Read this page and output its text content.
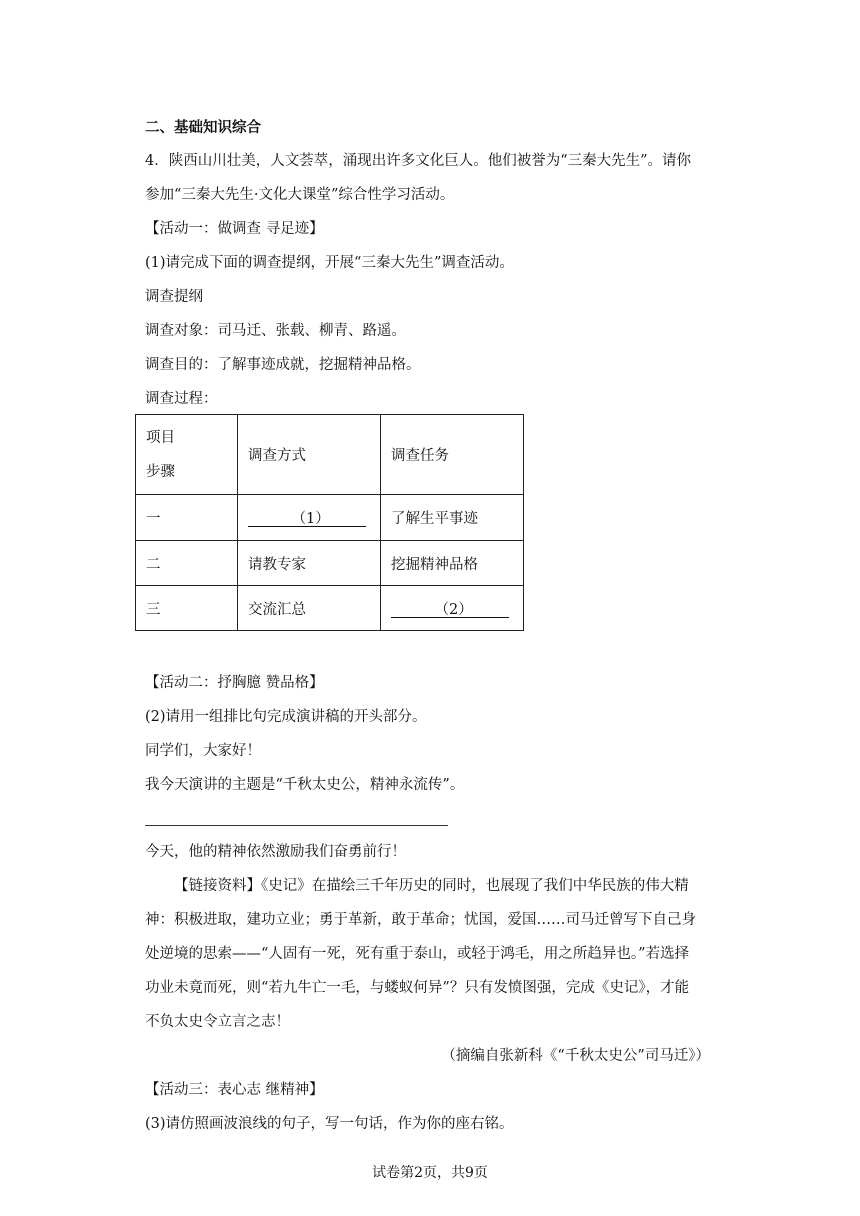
二、基础知识综合
4．陕西山川壮美，人文荟萃，涌现出许多文化巨人。他们被誉为“三秦大先生”。请你
参加“三秦大先生·文化大课堂”综合性学习活动。
【活动一：做调查 寻足迹】
(1)请完成下面的调查提纲，开展“三秦大先生”调查活动。
调查提纲
调查对象：司马迁、张载、柳青、路遥。
调查目的：了解事迹成就，挖掘精神品格。
调查过程：
项目
步骤	调查方式	调查任务
一	______（1）_____	了解生平事迹
二	请教专家	挖掘精神品格
三	交流汇总	______（2）_____
【活动二：抒胸臆 赞品格】
(2)请用一组排比句完成演讲稿的开头部分。
同学们，大家好！
我今天演讲的主题是“千秋太史公，精神永流传”。
今天，他的精神依然激励我们奋勇前行！
【链接资料】《史记》在描绘三千年历史的同时，也展现了我们中华民族的伟大精
神：积极进取，建功立业；勇于革新，敢于革命；忧国，爱国……司马迁曾写下自己身
处逆境的思索——“人固有一死，死有重于泰山，或轻于鸿毛，用之所趋异也。”若选择
功业未竟而死，则“若九牛亡一毛，与蝼蚁何异”？只有发愤图强，完成《史记》，才能
不负太史令立言之志！
（摘编自张新科《“千秋太史公”司马迁》）
【活动三：表心志 继精神】
(3)请仿照画波浪线的句子，写一句话，作为你的座右铭。
试卷第2页，共9页
